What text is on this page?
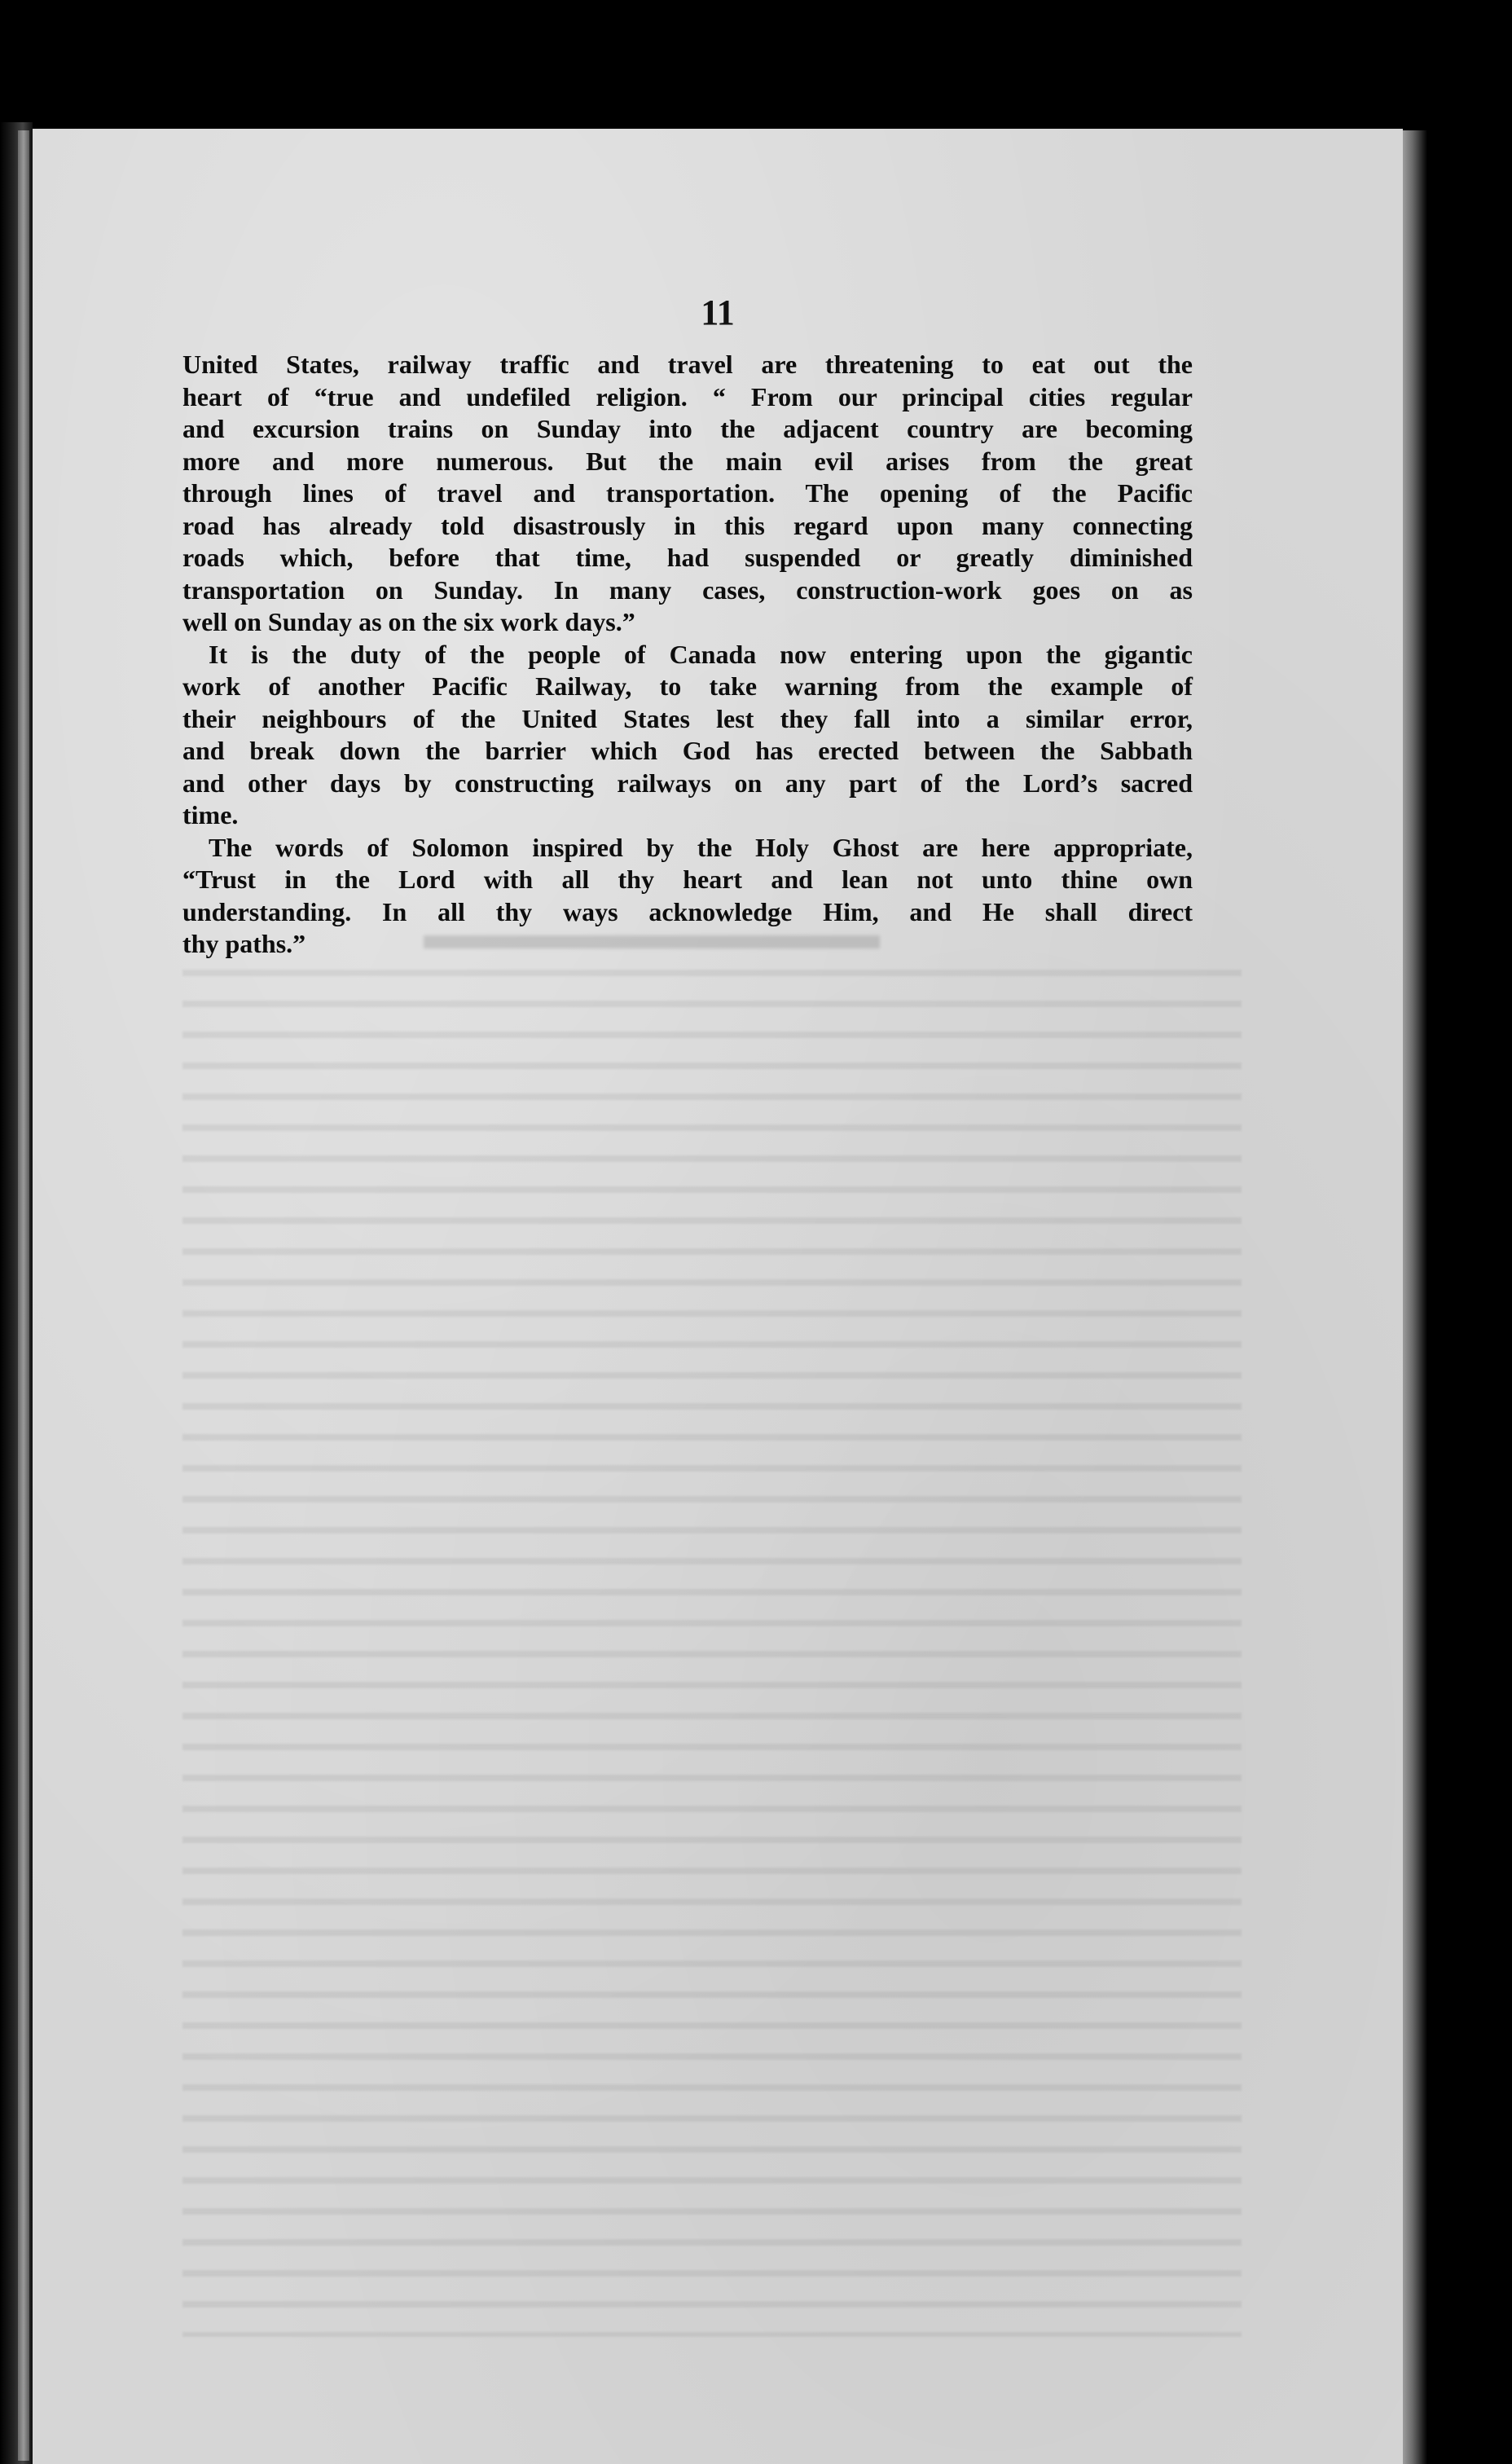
11
United States, railway traffic and travel are threatening to eat out the
heart of “true and undefiled religion. “ From our principal cities regular
and excursion trains on Sunday into the adjacent country are becoming
more and more numerous. But the main evil arises from the great
through lines of travel and transportation. The opening of the Pacific
road has already told disastrously in this regard upon many connecting
roads which, before that time, had suspended or greatly diminished
transportation on Sunday. In many cases, construction-work goes on as
well on Sunday as on the six work days.”
It is the duty of the people of Canada now entering upon the gigantic
work of another Pacific Railway, to take warning from the example of
their neighbours of the United States lest they fall into a similar error,
and break down the barrier which God has erected between the Sabbath
and other days by constructing railways on any part of the Lord’s sacred
time.
The words of Solomon inspired by the Holy Ghost are here appropriate,
“Trust in the Lord with all thy heart and lean not unto thine own
understanding. In all thy ways acknowledge Him, and He shall direct
thy paths.”
